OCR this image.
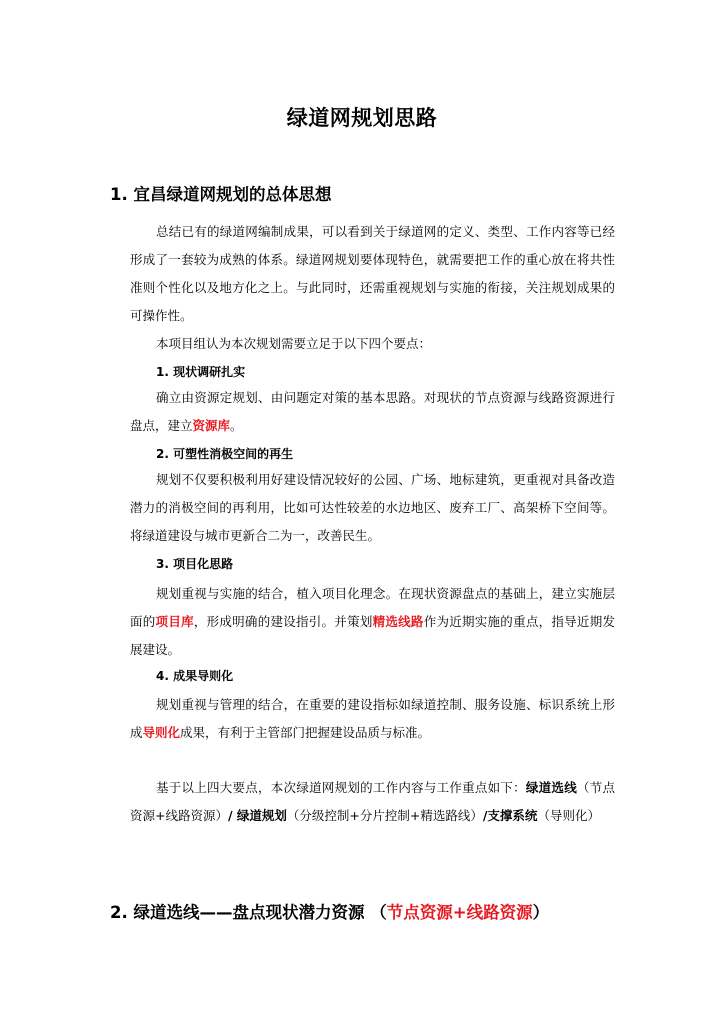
绿道网规划思路
1. 宜昌绿道网规划的总体思想
总结已有的绿道网编制成果，可以看到关于绿道网的定义、类型、工作内容等已经形成了一套较为成熟的体系。绿道网规划要体现特色，就需要把工作的重心放在将共性准则个性化以及地方化之上。与此同时，还需重视规划与实施的衔接，关注规划成果的可操作性。
本项目组认为本次规划需要立足于以下四个要点：
1. 现状调研扎实
确立由资源定规划、由问题定对策的基本思路。对现状的节点资源与线路资源进行盘点，建立资源库。
2. 可塑性消极空间的再生
规划不仅要积极利用好建设情况较好的公园、广场、地标建筑，更重视对具备改造潜力的消极空间的再利用，比如可达性较差的水边地区、废弃工厂、高架桥下空间等。将绿道建设与城市更新合二为一，改善民生。
3. 项目化思路
规划重视与实施的结合，植入项目化理念。在现状资源盘点的基础上，建立实施层面的项目库，形成明确的建设指引。并策划精选线路作为近期实施的重点，指导近期发展建设。
4. 成果导则化
规划重视与管理的结合，在重要的建设指标如绿道控制、服务设施、标识系统上形成导则化成果，有利于主管部门把握建设品质与标准。
基于以上四大要点，本次绿道网规划的工作内容与工作重点如下：绿道选线（节点资源+线路资源）/ 绿道规划（分级控制+分片控制+精选路线）/支撑系统（导则化）
2. 绿道选线——盘点现状潜力资源 （节点资源+线路资源）
